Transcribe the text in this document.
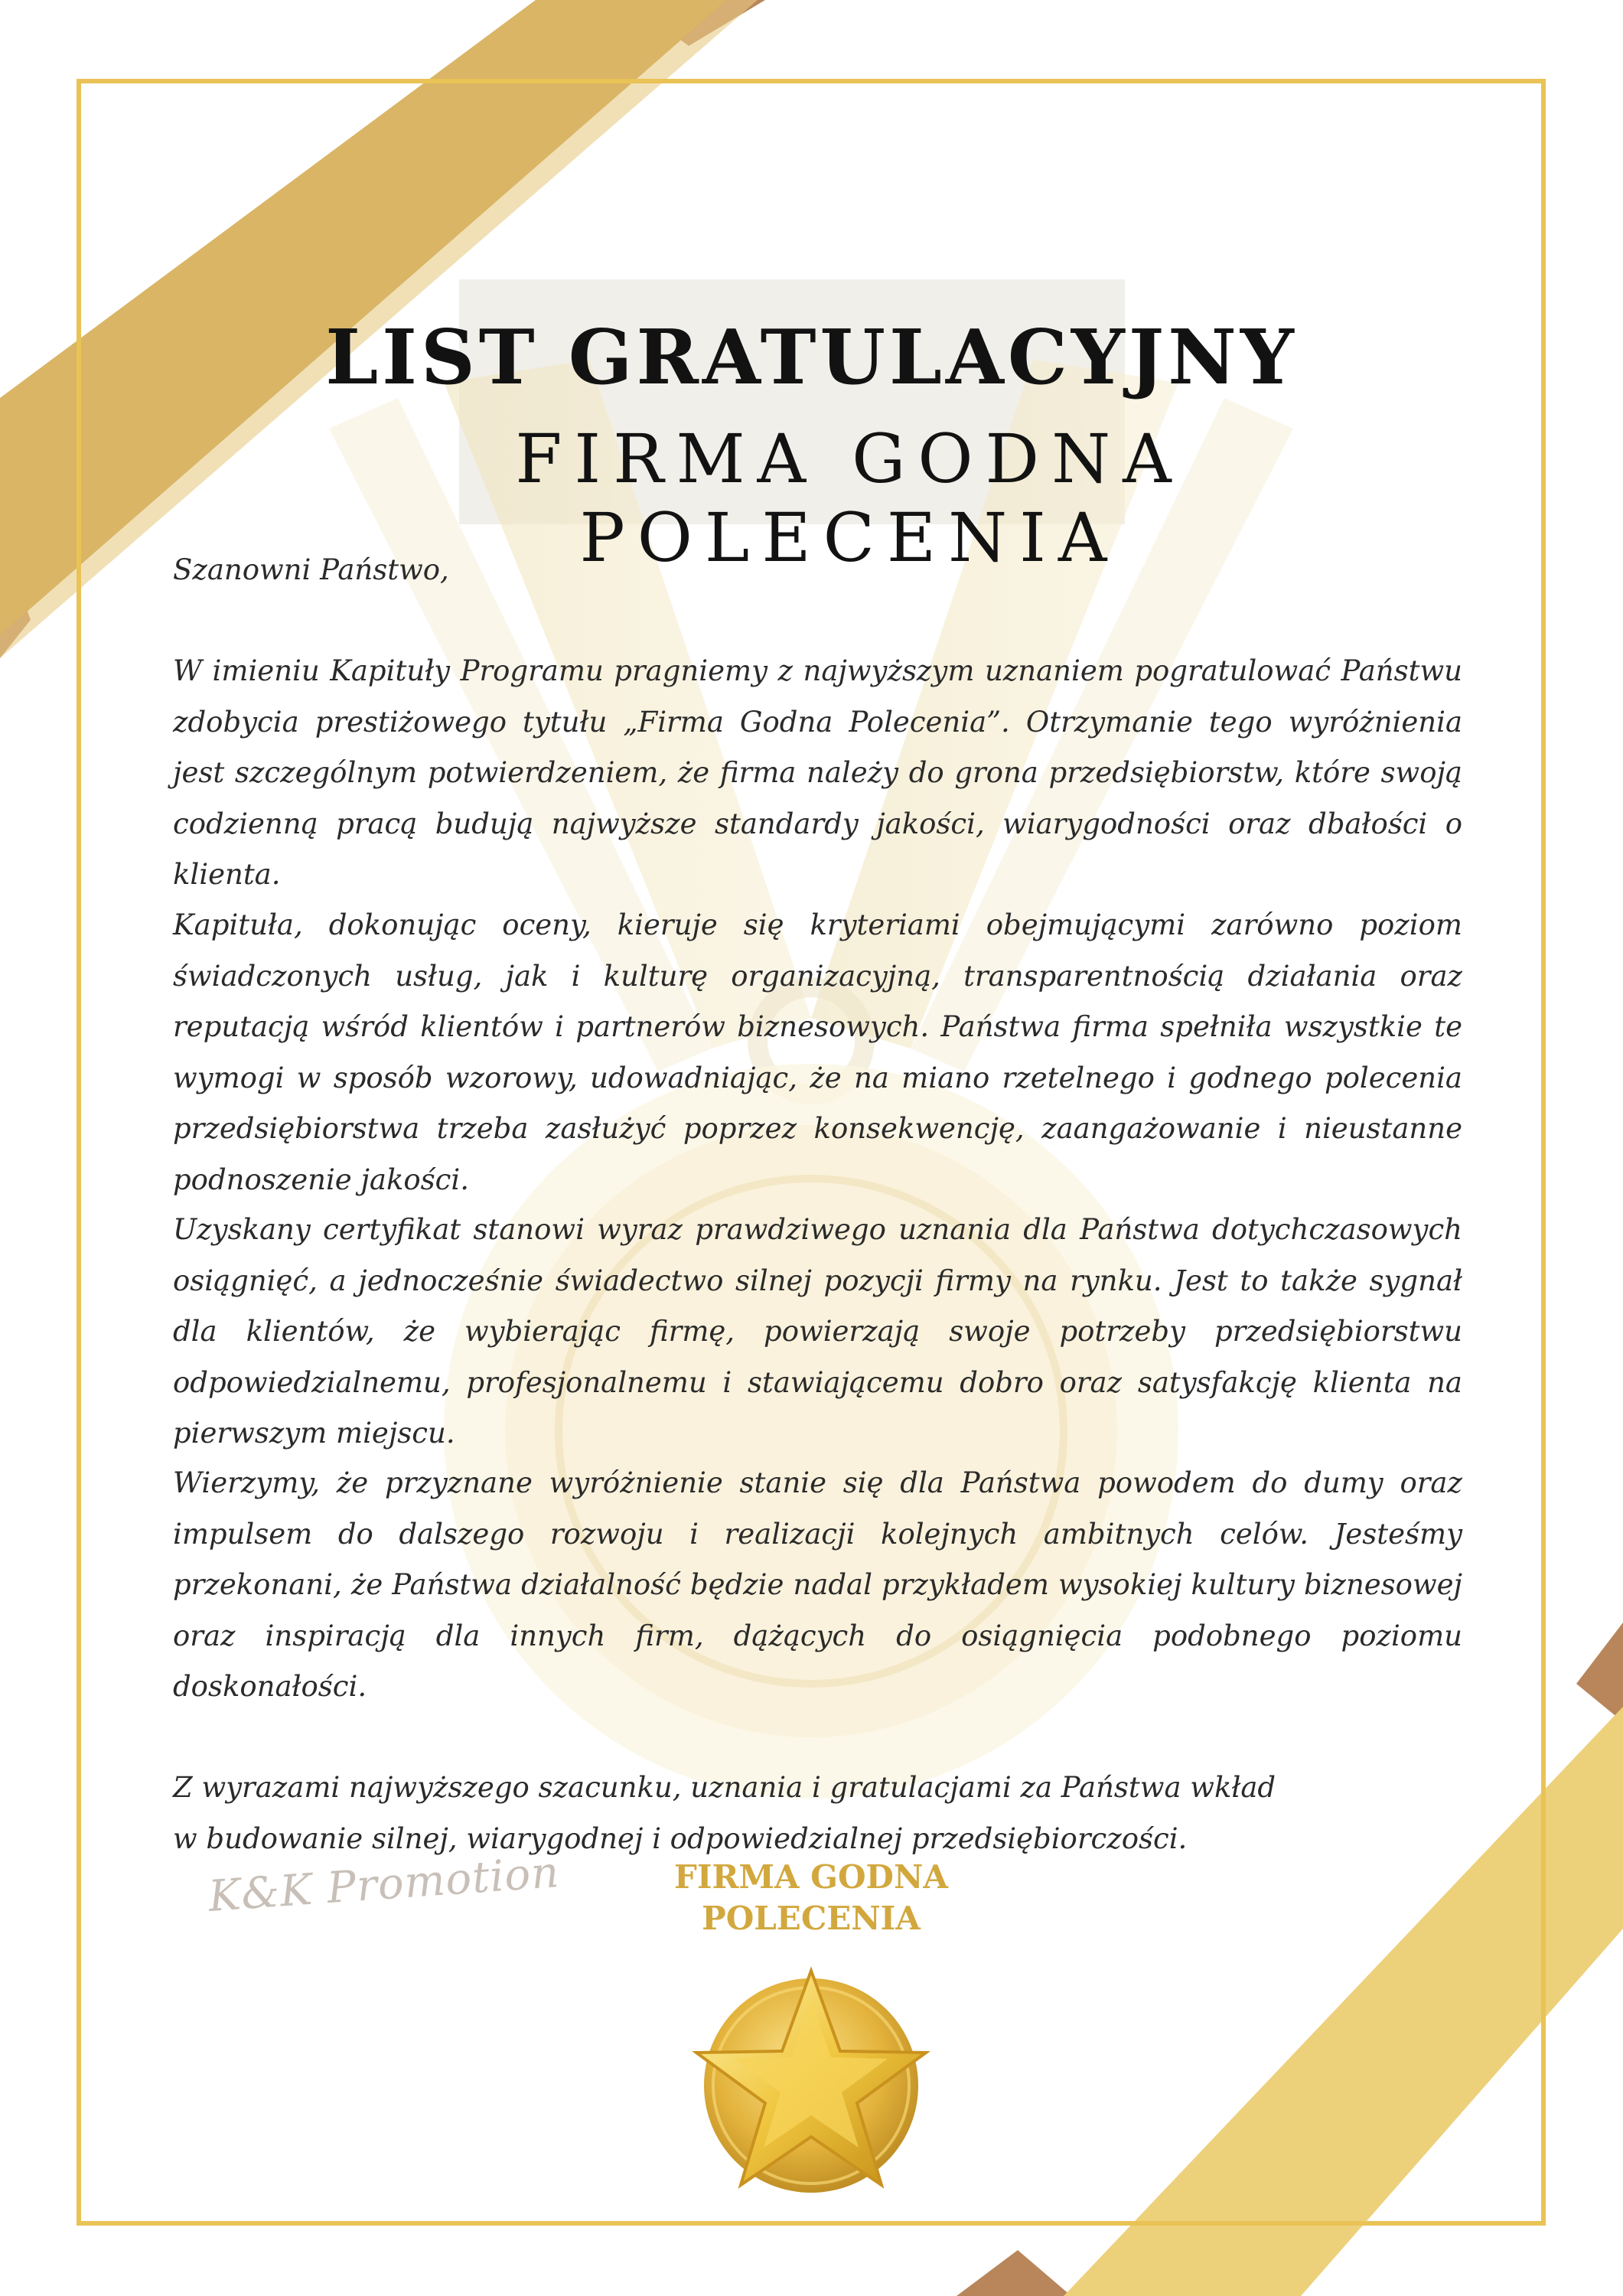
LIST GRATULACYJNY
FIRMA GODNA POLECENIA

Szanowni Państwo,

W imieniu Kapituły Programu pragniemy z najwyższym uznaniem pogratulować Państwu zdobycia prestiżowego tytułu „Firma Godna Polecenia”. Otrzymanie tego wyróżnienia jest szczególnym potwierdzeniem, że firma należy do grona przedsiębiorstw, które swoją codzienną pracą budują najwyższe standardy jakości, wiarygodności oraz dbałości o klienta.

Kapituła, dokonując oceny, kieruje się kryteriami obejmującymi zarówno poziom świadczonych usług, jak i kulturę organizacyjną, transparentnością działania oraz reputacją wśród klientów i partnerów biznesowych. Państwa firma spełniła wszystkie te wymogi w sposób wzorowy, udowadniając, że na miano rzetelnego i godnego polecenia przedsiębiorstwa trzeba zasłużyć poprzez konsekwencję, zaangażowanie i nieustanne podnoszenie jakości.

Uzyskany certyfikat stanowi wyraz prawdziwego uznania dla Państwa dotychczasowych osiągnięć, a jednocześnie świadectwo silnej pozycji firmy na rynku. Jest to także sygnał dla klientów, że wybierając firmę, powierzają swoje potrzeby przedsiębiorstwu odpowiedzialnemu, profesjonalnemu i stawiającemu dobro oraz satysfakcję klienta na pierwszym miejscu.

Wierzymy, że przyznane wyróżnienie stanie się dla Państwa powodem do dumy oraz impulsem do dalszego rozwoju i realizacji kolejnych ambitnych celów. Jesteśmy przekonani, że Państwa działalność będzie nadal przykładem wysokiej kultury biznesowej oraz inspiracją dla innych firm, dążących do osiągnięcia podobnego poziomu doskonałości.

Z wyrazami najwyższego szacunku, uznania i gratulacjami za Państwa wkład
w budowanie silnej, wiarygodnej i odpowiedzialnej przedsiębiorczości.

K&K Promotion	FIRMA GODNA
POLECENIA
